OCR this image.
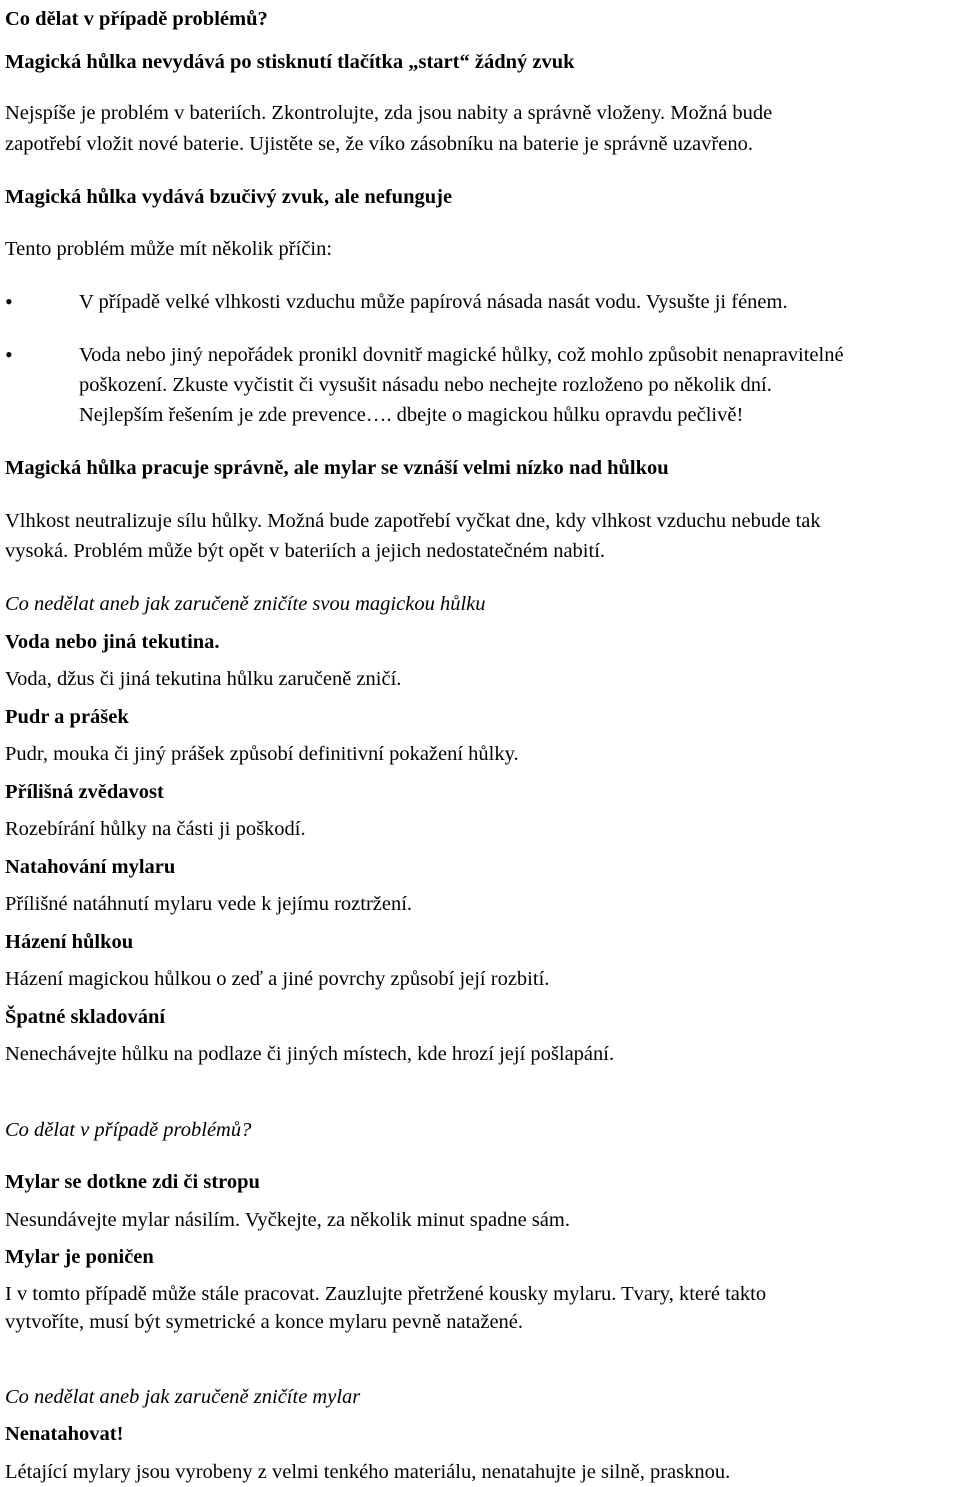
Co dělat v případě problémů?
Magická hůlka nevydává po stisknutí tlačítka „start“ žádný zvuk
Nejspíše je problém v bateriích. Zkontrolujte, zda jsou nabity a správně vloženy. Možná bude
zapotřebí vložit nové baterie. Ujistěte se, že víko zásobníku na baterie je správně uzavřeno.
Magická hůlka vydává bzučivý zvuk, ale nefunguje
Tento problém může mít několik příčin:
•	V případě velké vlhkosti vzduchu může papírová násada nasát vodu. Vysušte ji fénem.
•	Voda nebo jiný nepořádek pronikl dovnitř magické hůlky, což mohlo způsobit nenapravitelné
poškození. Zkuste vyčistit či vysušit násadu nebo nechejte rozloženo po několik dní.
Nejlepším řešením je zde prevence…. dbejte o magickou hůlku opravdu pečlivě!
Magická hůlka pracuje správně, ale mylar se vznáší velmi nízko nad hůlkou
Vlhkost neutralizuje sílu hůlky. Možná bude zapotřebí vyčkat dne, kdy vlhkost vzduchu nebude tak
vysoká. Problém může být opět v bateriích a jejich nedostatečném nabití.
Co nedělat aneb jak zaručeně zničíte svou magickou hůlku
Voda nebo jiná tekutina.
Voda, džus či jiná tekutina hůlku zaručeně zničí.
Pudr a prášek
Pudr, mouka či jiný prášek způsobí definitivní pokažení hůlky.
Přílišná zvědavost
Rozebírání hůlky na části ji poškodí.
Natahování mylaru
Přílišné natáhnutí mylaru vede k jejímu roztržení.
Házení hůlkou
Házení magickou hůlkou o zeď a jiné povrchy způsobí její rozbití.
Špatné skladování
Nenechávejte hůlku na podlaze či jiných místech, kde hrozí její pošlapání.
Co dělat v případě problémů?
Mylar se dotkne zdi či stropu
Nesundávejte mylar násilím. Vyčkejte, za několik minut spadne sám.
Mylar je poničen
I v tomto případě může stále pracovat. Zauzlujte přetržené kousky mylaru. Tvary, které takto
vytvoříte, musí být symetrické a konce mylaru pevně natažené.
Co nedělat aneb jak zaručeně zničíte mylar
Nenatahovat!
Létající mylary jsou vyrobeny z velmi tenkého materiálu, nenatahujte je silně, prasknou.
